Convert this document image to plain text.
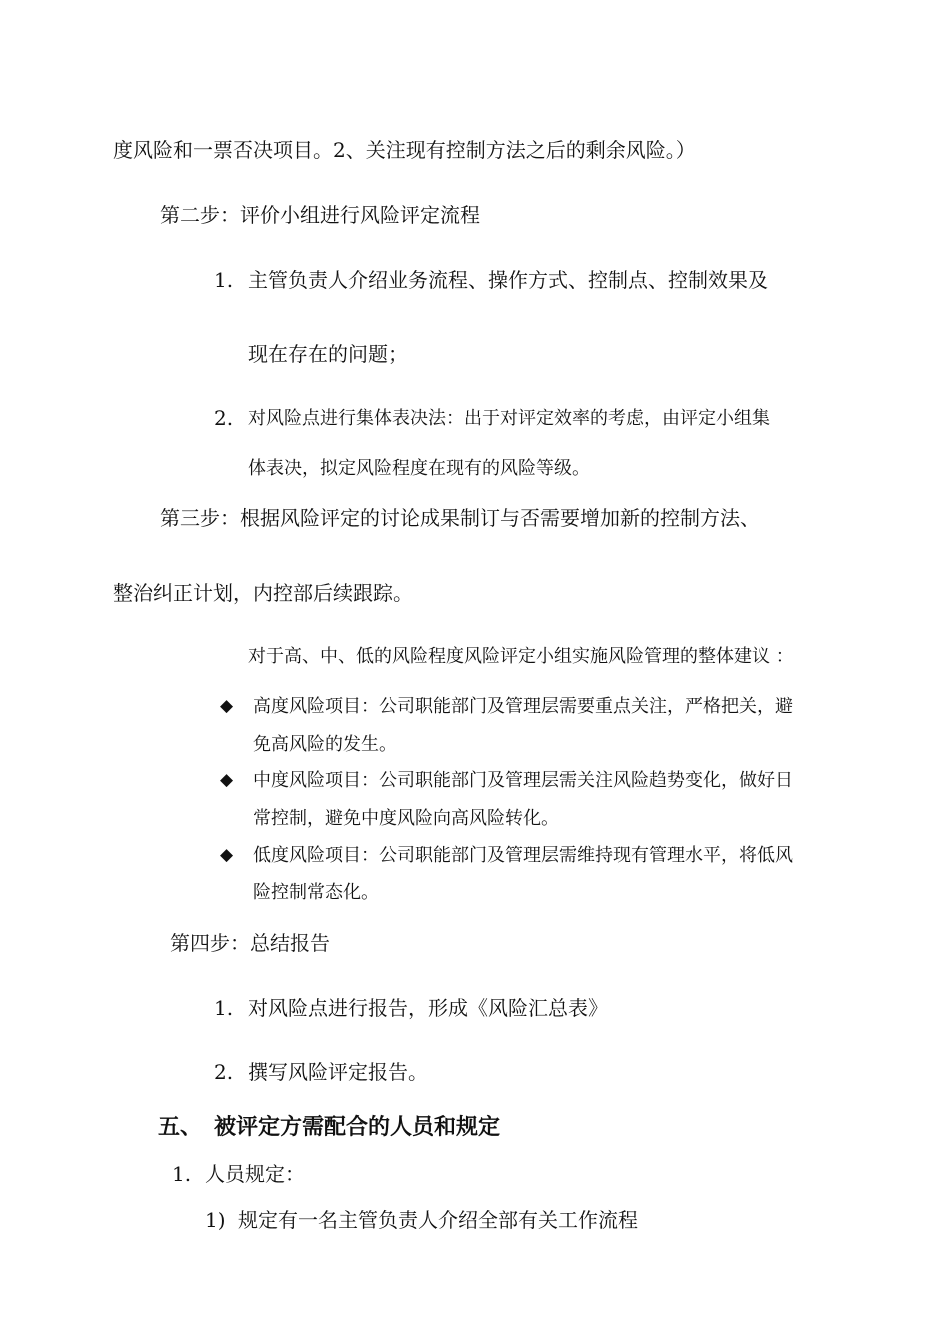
度风险和一票否决项目。2、关注现有控制方法之后的剩余风险。）
第二步：评价小组进行风险评定流程
1. 主管负责人介绍业务流程、操作方式、控制点、控制效果及
现在存在的问题；
2. 对风险点进行集体表决法：出于对评定效率的考虑，由评定小组集
体表决，拟定风险程度在现有的风险等级。
第三步：根据风险评定的讨论成果制订与否需要增加新的控制方法、
整治纠正计划，内控部后续跟踪。
对于高、中、低的风险程度风险评定小组实施风险管理的整体建议 ：
◆ 高度风险项目：公司职能部门及管理层需要重点关注，严格把关，避
免高风险的发生。
◆ 中度风险项目：公司职能部门及管理层需关注风险趋势变化，做好日
常控制，避免中度风险向高风险转化。
◆ 低度风险项目：公司职能部门及管理层需维持现有管理水平，将低风
险控制常态化。
第四步：总结报告
1. 对风险点进行报告，形成《风险汇总表》
2. 撰写风险评定报告。
五、 被评定方需配合的人员和规定
1. 人员规定：
1) 规定有一名主管负责人介绍全部有关工作流程
